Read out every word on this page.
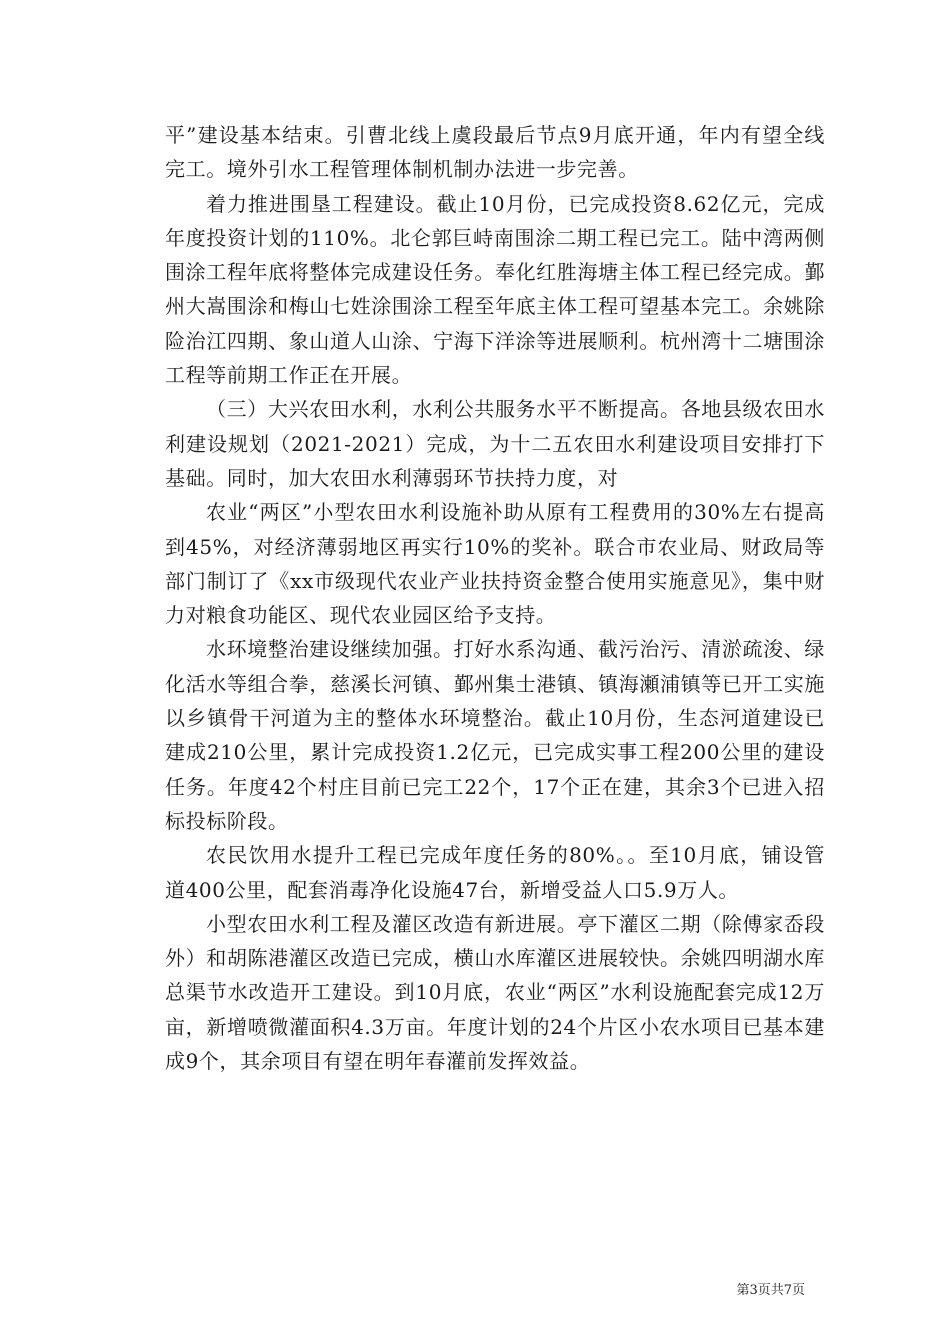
平”建设基本结束。引曹北线上虞段最后节点9月底开通，年内有望全线完工。境外引水工程管理体制机制办法进一步完善。

着力推进围垦工程建设。截止10月份，已完成投资8.62亿元，完成年度投资计划的110%。北仑郭巨峙南围涂二期工程已完工。陆中湾两侧围涂工程年底将整体完成建设任务。奉化红胜海塘主体工程已经完成。鄞州大嵩围涂和梅山七姓涂围涂工程至年底主体工程可望基本完工。余姚除险治江四期、象山道人山涂、宁海下洋涂等进展顺利。杭州湾十二塘围涂工程等前期工作正在开展。

（三）大兴农田水利，水利公共服务水平不断提高。各地县级农田水利建设规划（2021-2021）完成，为十二五农田水利建设项目安排打下基础。同时，加大农田水利薄弱环节扶持力度，对

农业“两区”小型农田水利设施补助从原有工程费用的30%左右提高到45%，对经济薄弱地区再实行10%的奖补。联合市农业局、财政局等部门制订了《xx市级现代农业产业扶持资金整合使用实施意见》，集中财力对粮食功能区、现代农业园区给予支持。

水环境整治建设继续加强。打好水系沟通、截污治污、清淤疏浚、绿化活水等组合拳，慈溪长河镇、鄞州集士港镇、镇海瀬浦镇等已开工实施以乡镇骨干河道为主的整体水环境整治。截止10月份，生态河道建设已建成210公里，累计完成投资1.2亿元，已完成实事工程200公里的建设任务。年度42个村庄目前已完工22个，17个正在建，其余3个已进入招标投标阶段。

农民饮用水提升工程已完成年度任务的80%。。至10月底，铺设管道400公里，配套消毒净化设施47台，新增受益人口5.9万人。

小型农田水利工程及灌区改造有新进展。亭下灌区二期（除傅家岙段外）和胡陈港灌区改造已完成，横山水库灌区进展较快。余姚四明湖水库总渠节水改造开工建设。到10月底，农业“两区”水利设施配套完成12万亩，新增喷微灌面积4.3万亩。年度计划的24个片区小农水项目已基本建成9个，其余项目有望在明年春灌前发挥效益。

第3页共7页
